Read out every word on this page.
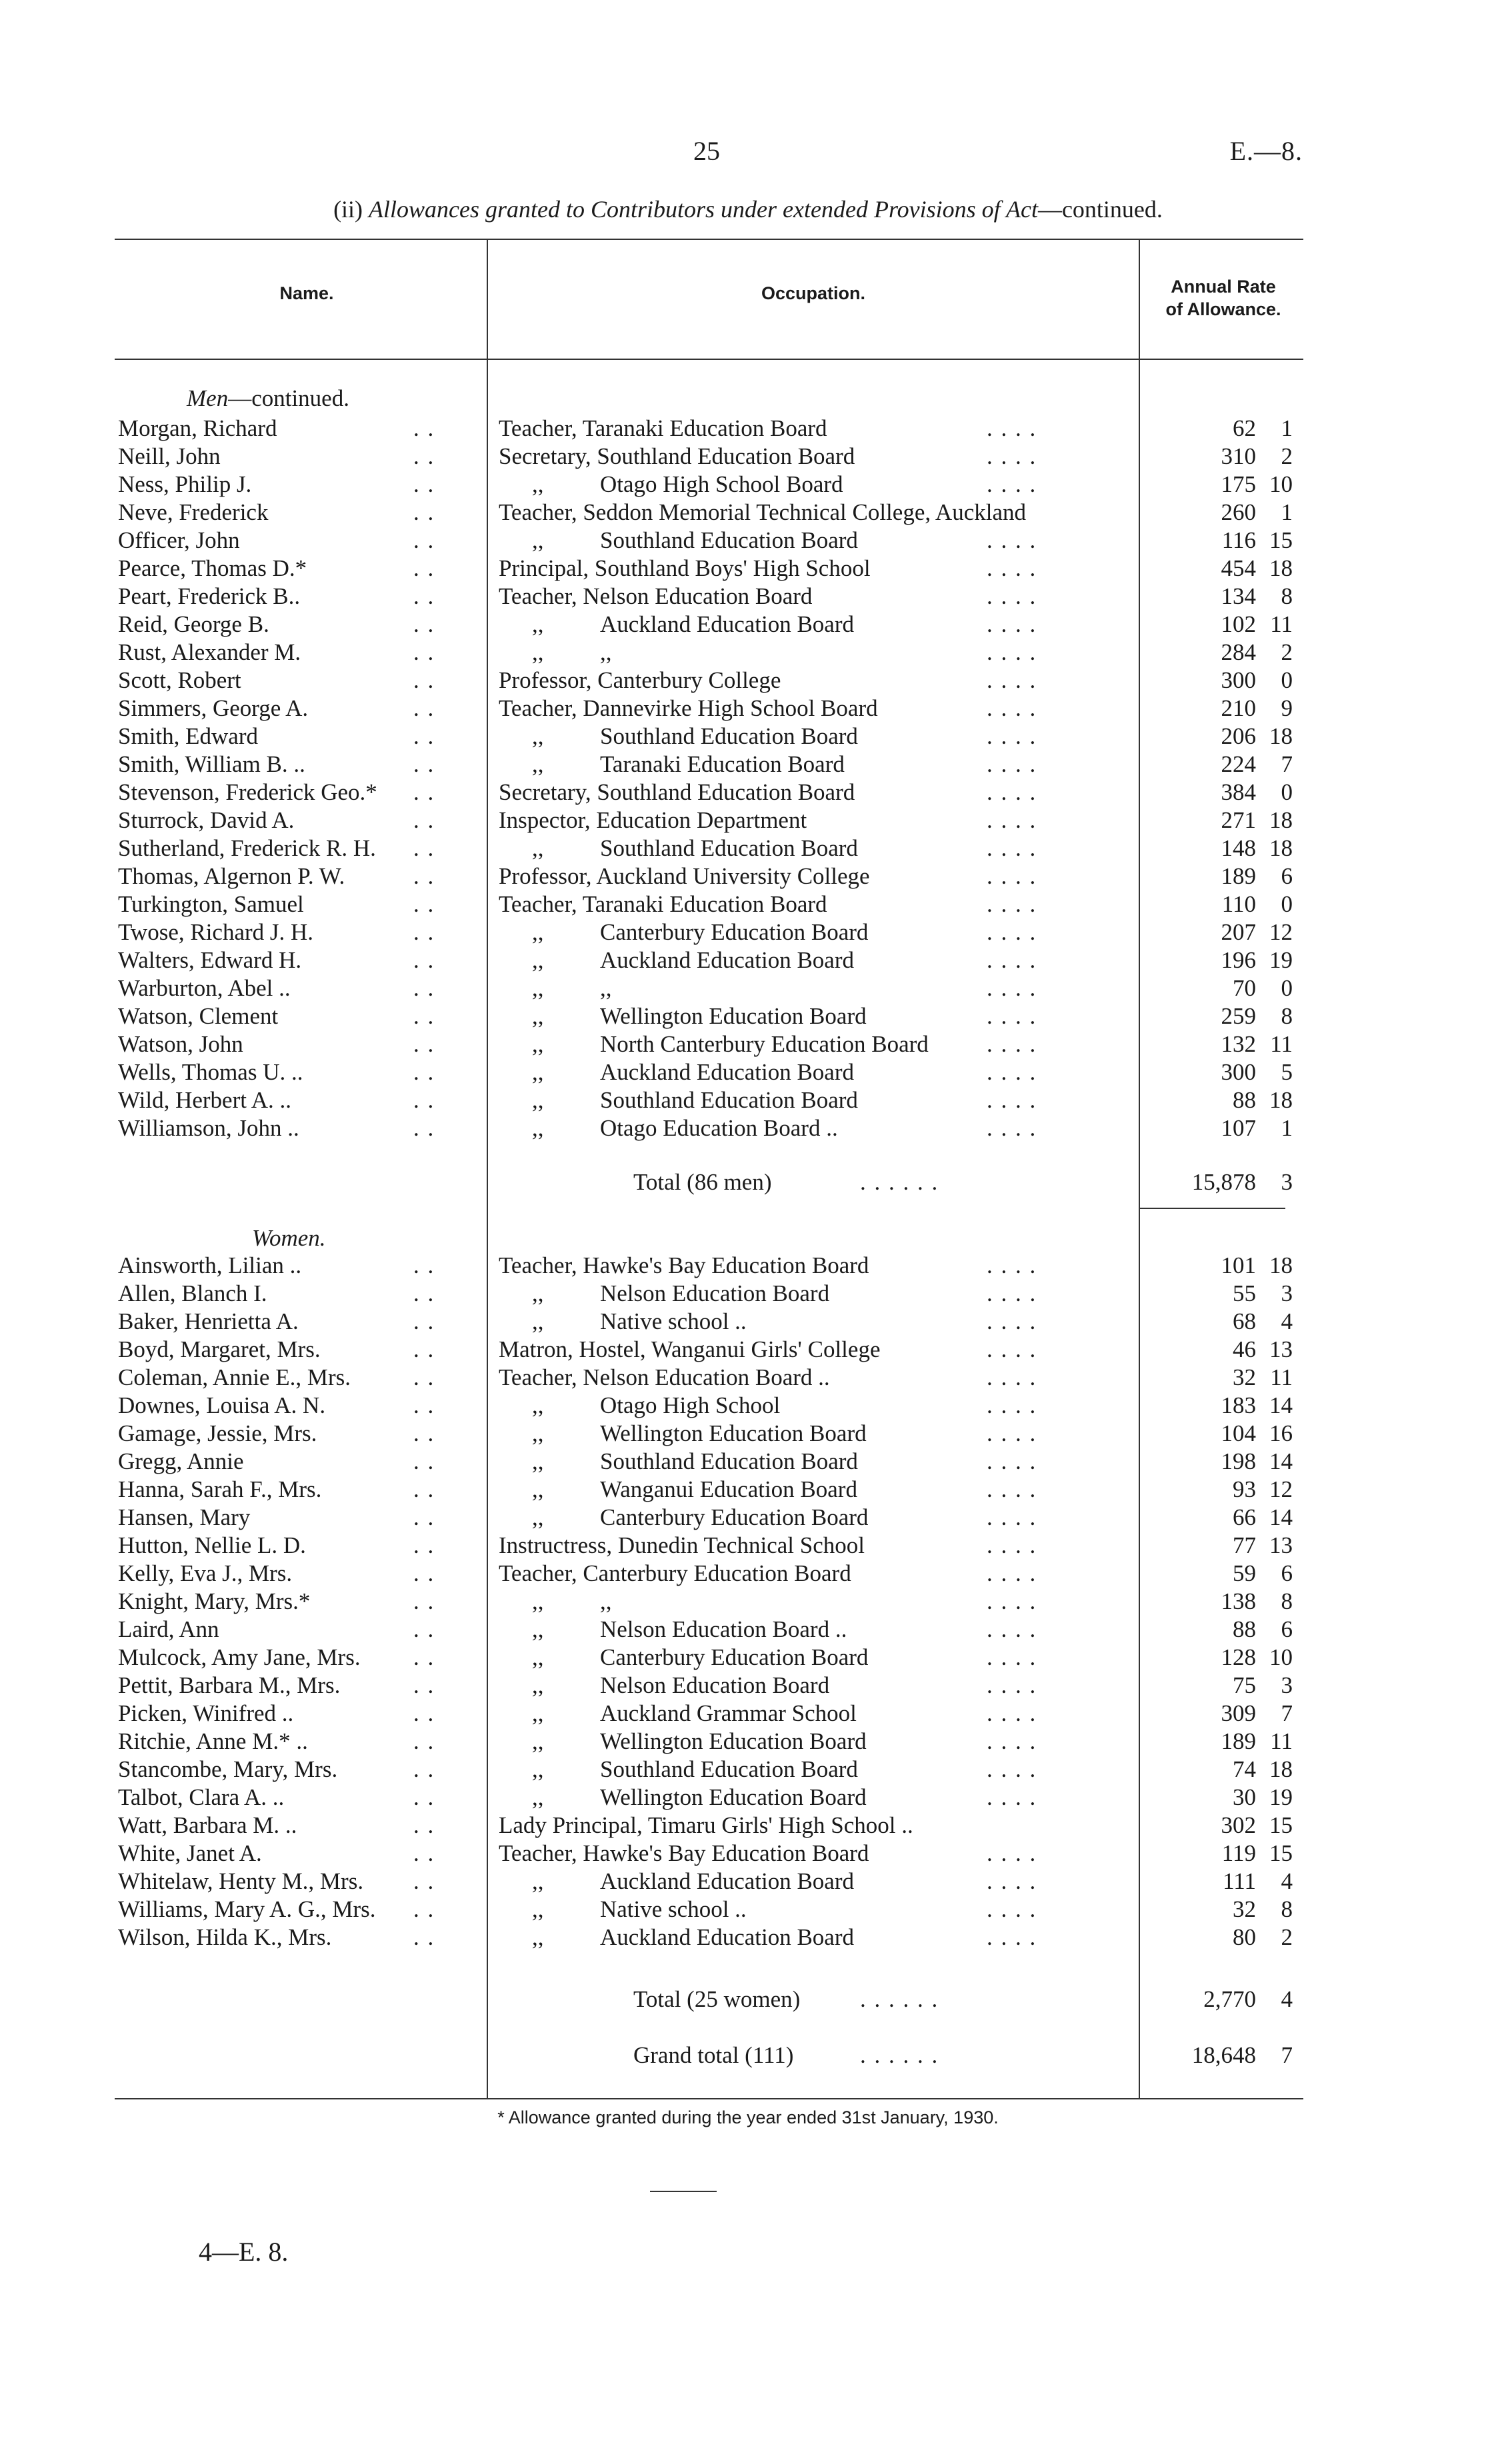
25	E.—8.
(ii) Allowances granted to Contributors under extended Provisions of Act—continued.
Name.	Occupation.	Annual Rate
of Allowance.
Men—continued.
Morgan, Richard	. .	Teacher, Taranaki Education Board	. . . .	62	1
Neill, John	. .	Secretary, Southland Education Board	. . . .	310	2
Ness, Philip J.	. .	,, Otago High School Board	. . . .	175 10
Neve, Frederick	. .	Teacher, Seddon Memorial Technical College, Auckland	260	1
Officer, John	. .	,, Southland Education Board	. . . .	116 15
Pearce, Thomas D.*	. .	Principal, Southland Boys' High School	. . . .	454 18
Peart, Frederick B..	. .	Teacher, Nelson Education Board	. . . .	134	8
Reid, George B.	. .	,, Auckland Education Board	. . . .	102 11
Rust, Alexander M.	. .	,, ,,	. . . .	284	2
Scott, Robert	. .	Professor, Canterbury College	. . . .	300	0
Simmers, George A.	. .	Teacher, Dannevirke High School Board	. . . .	210	9
Smith, Edward	. .	,, Southland Education Board	. . . .	206 18
Smith, William B. ..	. .	,, Taranaki Education Board	. . . .	224	7
Stevenson, Frederick Geo.* . .	Secretary, Southland Education Board	. . . .	384	0
Sturrock, David A.	. .	Inspector, Education Department	. . . .	271 18
Sutherland, Frederick R. H. . .	,, Southland Education Board	. . . .	148 18
Thomas, Algernon P. W.	. .	Professor, Auckland University College	. . . .	189	6
Turkington, Samuel	. .	Teacher, Taranaki Education Board	. . . .	110	0
Twose, Richard J. H.	. .	,, Canterbury Education Board	. . . .	207 12
Walters, Edward H.	. .	,, Auckland Education Board	. . . .	196 19
Warburton, Abel ..	. .	,, ,,	. . . .	70	0
Watson, Clement	. .	,, Wellington Education Board	. . . .	259	8
Watson, John	. .	,, North Canterbury Education Board . . . .	132 11
Wells, Thomas U. ..	. .	,, Auckland Education Board	. . . .	300	5
Wild, Herbert A. ..	. .	,, Southland Education Board	. . . .	88 18
Williamson, John ..	. .	,, Otago Education Board ..	. . . .	107	1
Total (86 men)	. . . . . .	15,878	3
Women.
Ainsworth, Lilian ..	. .	Teacher, Hawke's Bay Education Board	. . . .	101 18
Allen, Blanch I.	. .	,, Nelson Education Board	. . . .	55	3
Baker, Henrietta A.	. .	,, Native school ..	. . . .	68	4
Boyd, Margaret, Mrs.	. .	Matron, Hostel, Wanganui Girls' College	. . . .	46 13
Coleman, Annie E., Mrs.	. .	Teacher, Nelson Education Board ..	. . . .	32 11
Downes, Louisa A. N.	. .	,, Otago High School	. . . .	183 14
Gamage, Jessie, Mrs.	. .	,, Wellington Education Board	. . . .	104 16
Gregg, Annie	. .	,, Southland Education Board	. . . .	198 14
Hanna, Sarah F., Mrs.	. .	,, Wanganui Education Board	. . . .	93 12
Hansen, Mary	. .	,, Canterbury Education Board	. . . .	66 14
Hutton, Nellie L. D.	. .	Instructress, Dunedin Technical School	. . . .	77 13
Kelly, Eva J., Mrs.	. .	Teacher, Canterbury Education Board	. . . .	59	6
Knight, Mary, Mrs.*	. .	,, ,,	. . . .	138	8
Laird, Ann	. .	,, Nelson Education Board ..	. . . .	88	6
Mulcock, Amy Jane, Mrs. . .	,, Canterbury Education Board	. . . .	128 10
Pettit, Barbara M., Mrs.	. .	,, Nelson Education Board	. . . .	75	3
Picken, Winifred ..	. .	,, Auckland Grammar School	. . . .	309	7
Ritchie, Anne M.* ..	. .	,, Wellington Education Board	. . . .	189 11
Stancombe, Mary, Mrs.	. .	,, Southland Education Board	. . . .	74 18
Talbot, Clara A. ..	. .	,, Wellington Education Board	. . . .	30 19
Watt, Barbara M. ..	. .	Lady Principal, Timaru Girls' High School ..	302 15
White, Janet A.	. .	Teacher, Hawke's Bay Education Board	. . . .	119 15
Whitelaw, Henty M., Mrs. . .	,, Auckland Education Board	. . . .	111	4
Williams, Mary A. G., Mrs. . .	,, Native school ..	. . . .	32	8
Wilson, Hilda K., Mrs.	. .	,, Auckland Education Board	. . . .	80	2
Total (25 women)	. . . . . .	2,770	4
Grand total (111)	. . . . . .	18,648	7
* Allowance granted during the year ended 31st January, 1930.
4—E. 8.
